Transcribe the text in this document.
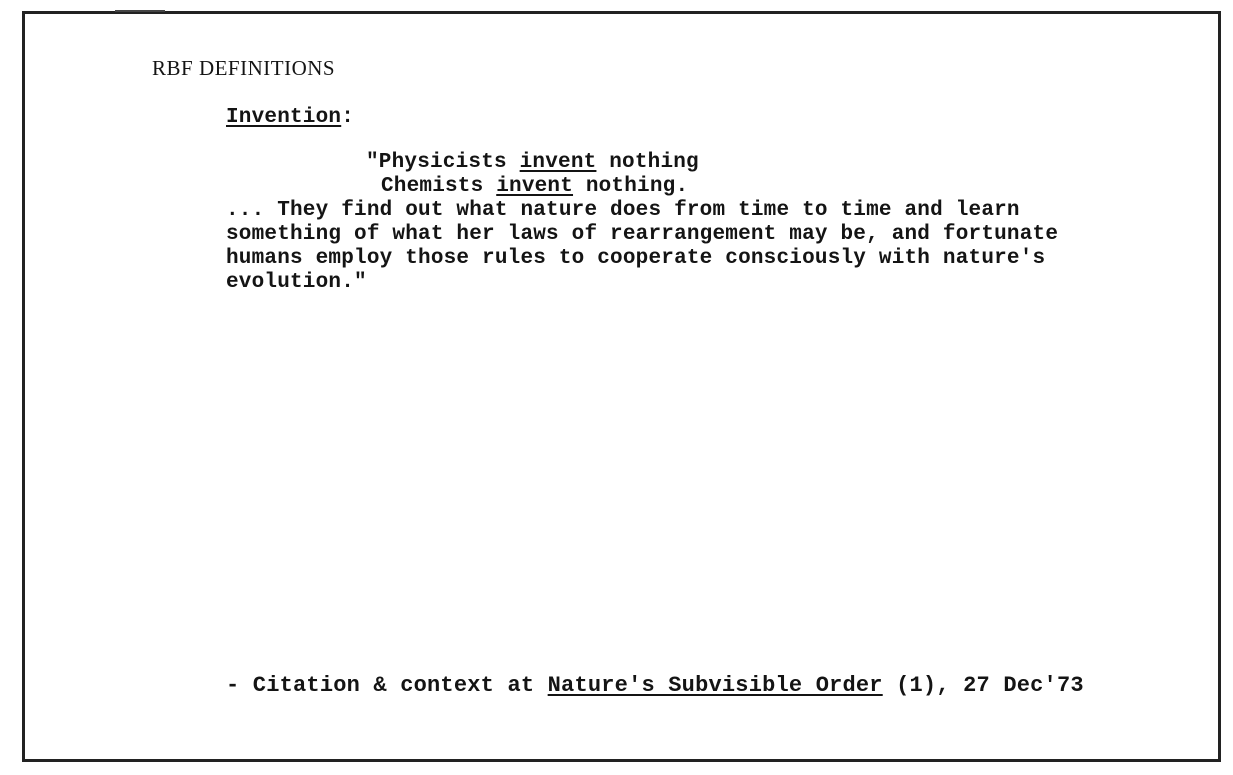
RBF DEFINITIONS
Invention:
"Physicists invent nothing
Chemists invent nothing.
... They find out what nature does from time to time and learn
something of what her laws of rearrangement may be, and fortunate
humans employ those rules to cooperate consciously with nature's
evolution."
- Citation & context at Nature's Subvisible Order (1), 27 Dec'73
